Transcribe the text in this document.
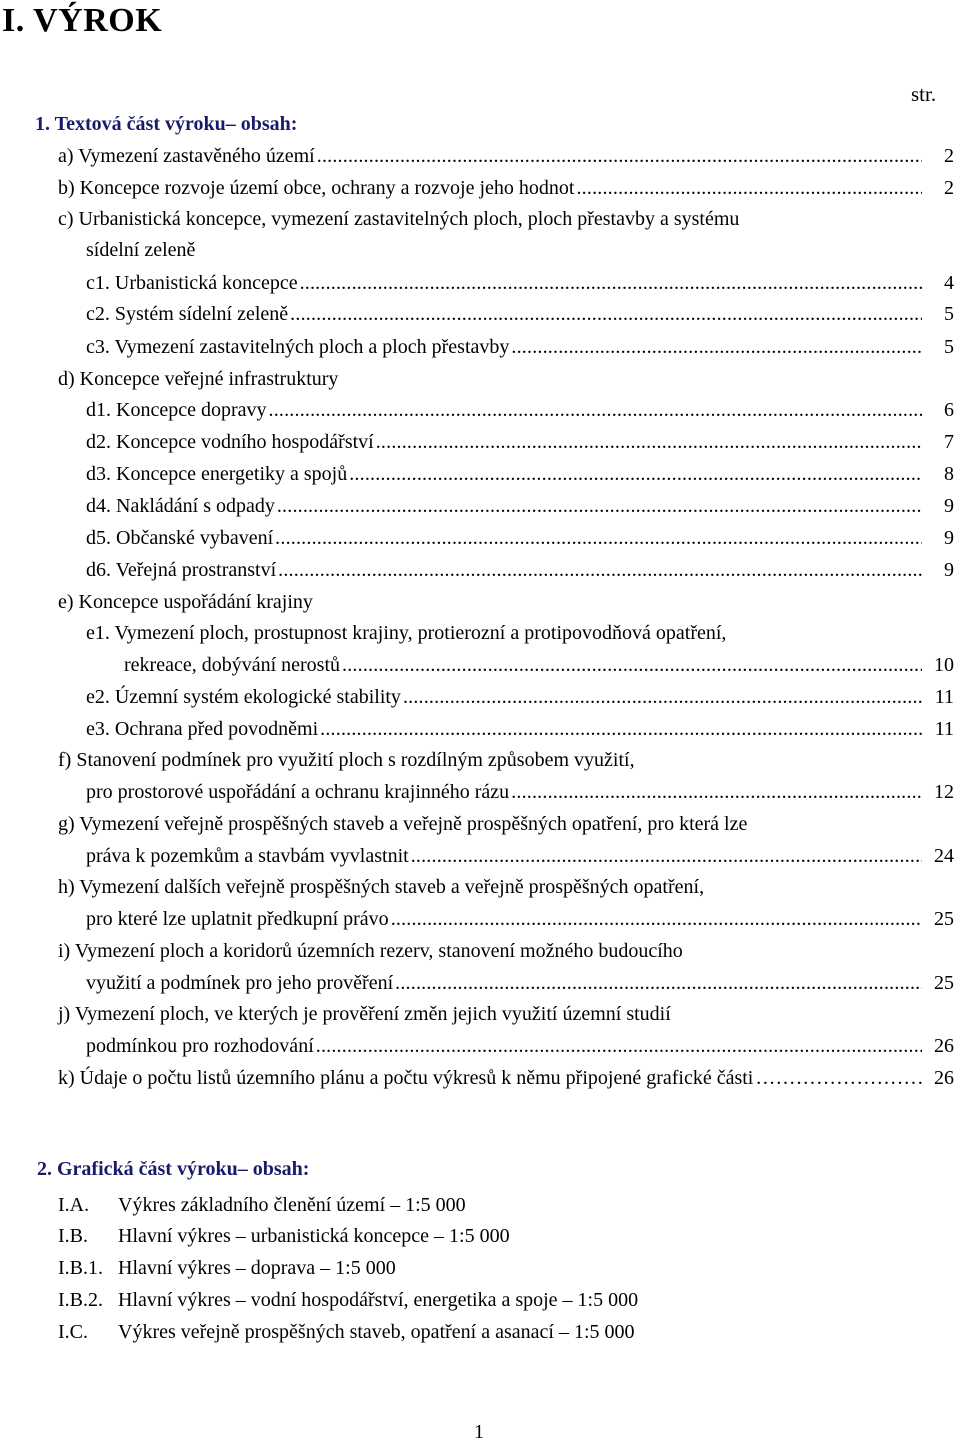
I. VÝROK
str.
1. Textová část výroku– obsah:
a) Vymezení zastavěného území .....	2
b) Koncepce rozvoje území obce, ochrany a rozvoje jeho hodnot .....	2
c) Urbanistická koncepce, vymezení zastavitelných ploch, ploch přestavby a systému
sídelní zeleně
c1. Urbanistická koncepce .....	4
c2. Systém sídelní zeleně .....	5
c3. Vymezení zastavitelných ploch a ploch přestavby .....	5
d) Koncepce veřejné infrastruktury
d1. Koncepce dopravy .....	6
d2. Koncepce vodního hospodářství .....	7
d3. Koncepce energetiky a spojů .....	8
d4. Nakládání s odpady .....	9
d5. Občanské vybavení .....	9
d6. Veřejná prostranství .....	9
e) Koncepce uspořádání krajiny
e1. Vymezení ploch, prostupnost krajiny, protierozní a protipovodňová opatření,
rekreace, dobývání nerostů .....	10
e2. Územní systém ekologické stability .....	11
e3. Ochrana před povodněmi .....	11
f) Stanovení podmínek pro využití ploch s rozdílným způsobem využití,
pro prostorové uspořádání a ochranu krajinného rázu .....	12
g) Vymezení veřejně prospěšných staveb a veřejně prospěšných opatření, pro která lze
práva k pozemkům a stavbám vyvlastnit .....	24
h) Vymezení dalších veřejně prospěšných staveb a veřejně prospěšných opatření,
pro které lze uplatnit předkupní právo .....	25
i) Vymezení ploch a koridorů územních rezerv, stanovení možného budoucího
využití a podmínek pro jeho prověření .....	25
j) Vymezení ploch, ve kterých je prověření změn jejich využití územní studií
podmínkou pro rozhodování .....	26
k) Údaje o počtu listů územního plánu a počtu výkresů k němu připojené grafické části ……………………………………………………………	26
2. Grafická část výroku– obsah:
I.A. Výkres základního členění území – 1:5 000
I.B. Hlavní výkres – urbanistická koncepce – 1:5 000
I.B.1. Hlavní výkres – doprava – 1:5 000
I.B.2. Hlavní výkres – vodní hospodářství, energetika a spoje – 1:5 000
I.C. Výkres veřejně prospěšných staveb, opatření a asanací – 1:5 000
1
